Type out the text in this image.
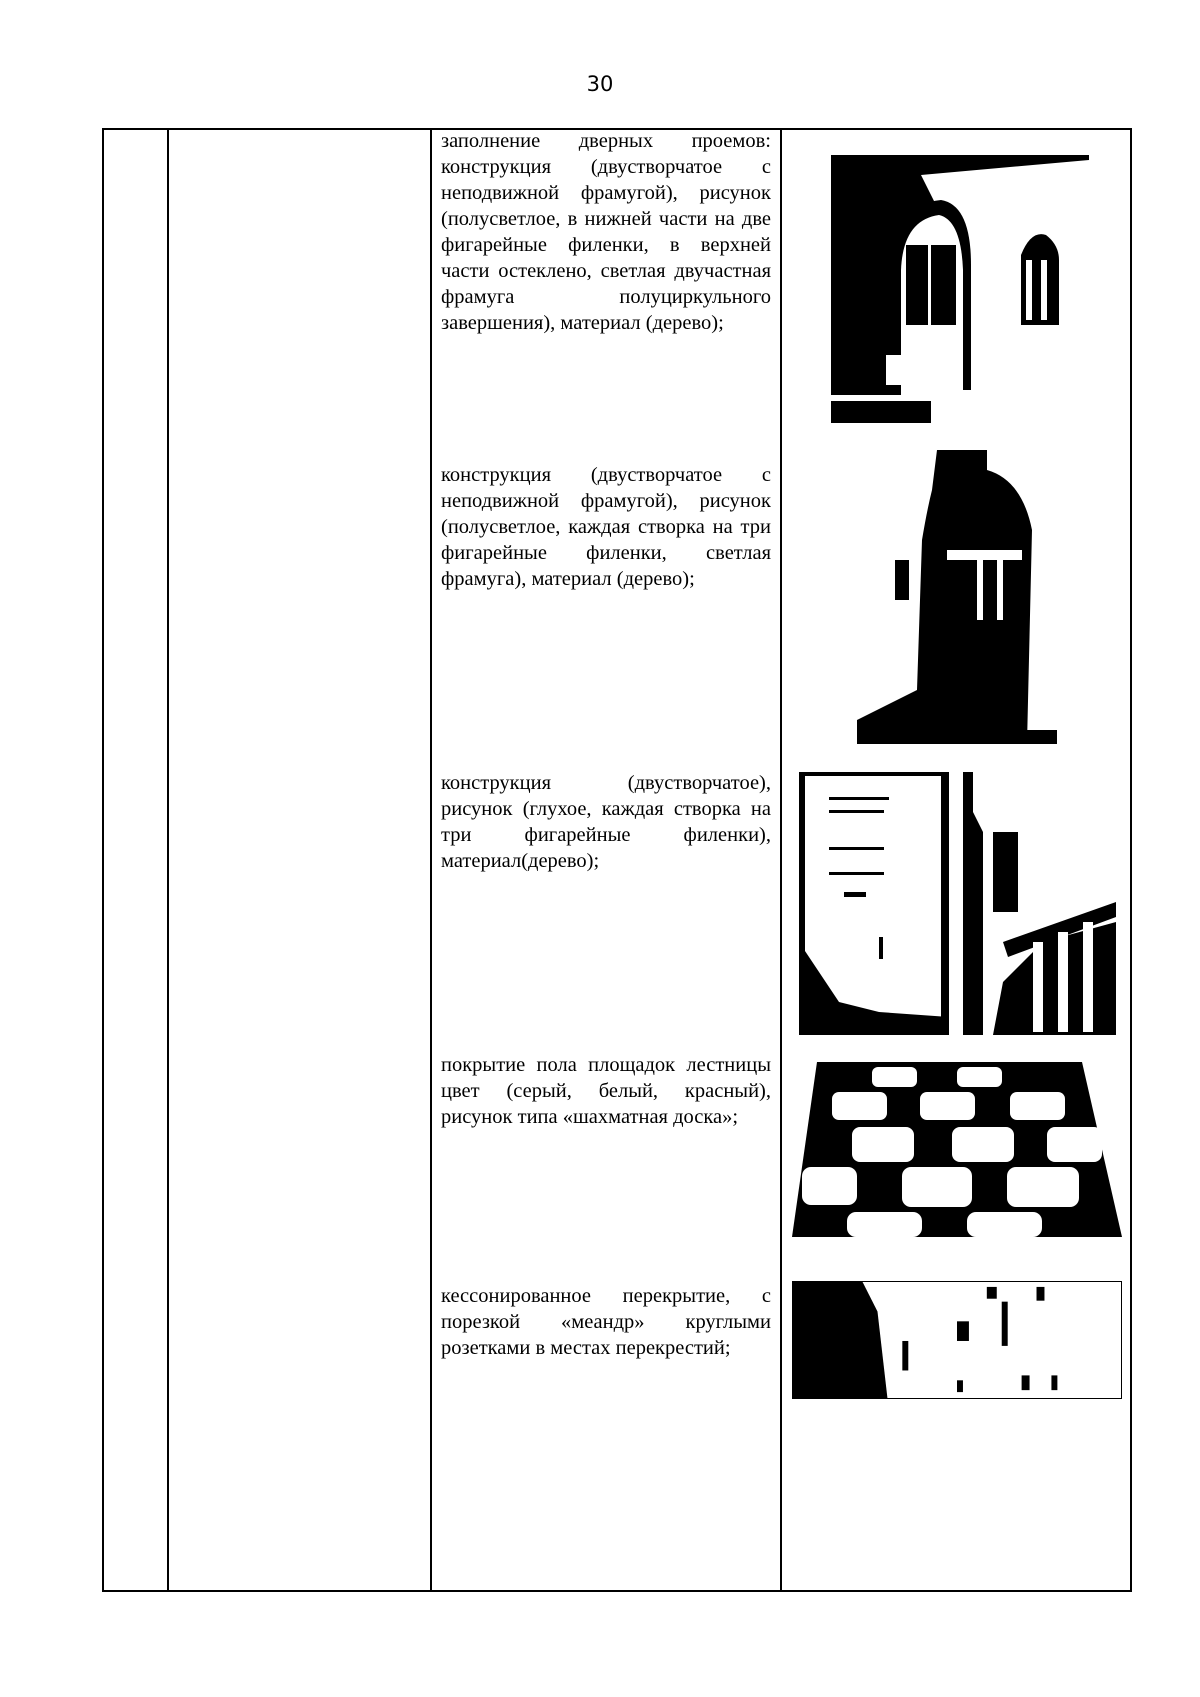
30
заполнение дверных проемов: конструкция (двустворчатое с неподвижной фрамугой), рисунок (полусветлое, в нижней части на две фигарейные филенки, в верхней части остеклено, светлая двучастная фрамуга полуциркульного завершения), материал (дерево);
конструкция (двустворчатое с неподвижной фрамугой), рисунок (полусветлое, каждая створка на три фигарейные филенки, светлая фрамуга), материал (дерево);
конструкция (двустворчатое), рисунок (глухое, каждая створка на три фигарейные филенки), материал(дерево);
покрытие пола площадок лестницы цвет (серый, белый, красный), рисунок типа «шахматная доска»;
кессонированное перекрытие, с порезкой «меандр» круглыми розетками в местах перекрестий;
